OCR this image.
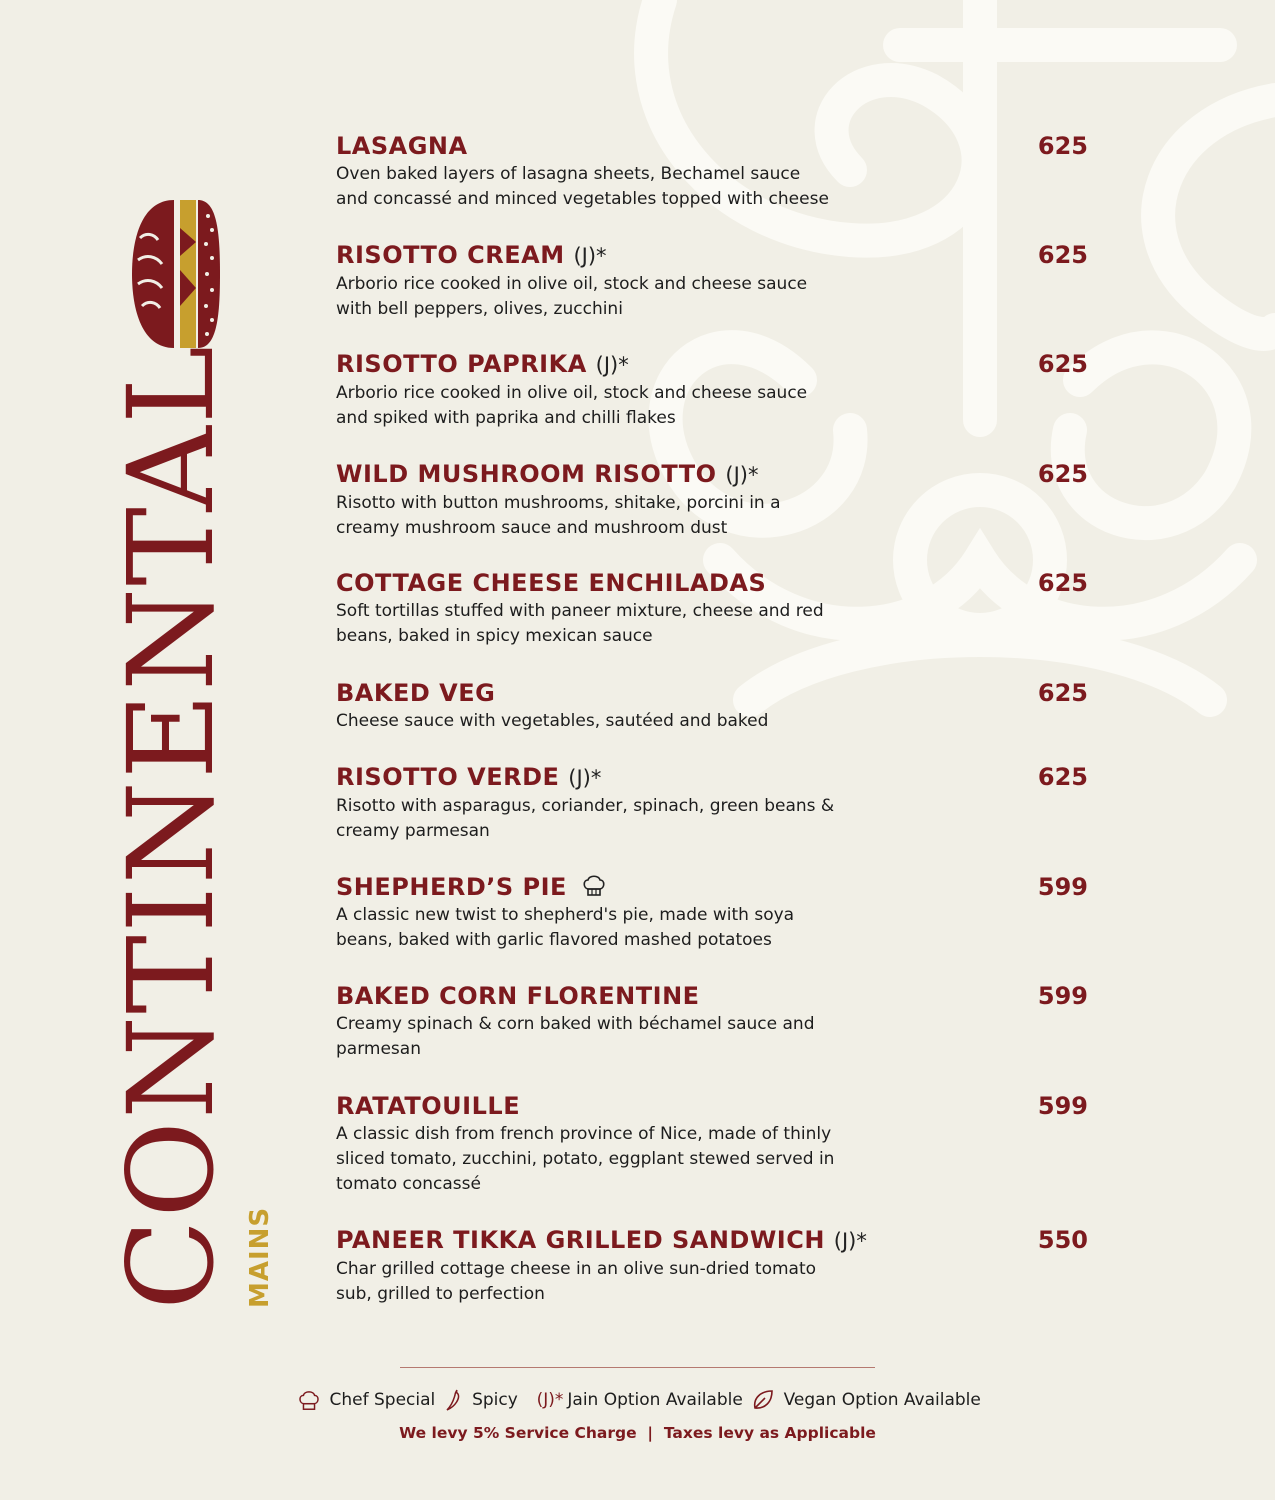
CONTINENTAL MAINS
LASAGNA
Oven baked layers of lasagna sheets, Bechamel sauce and concassé and minced vegetables topped with cheese
625
RISOTTO CREAM (J)*
Arborio rice cooked in olive oil, stock and cheese sauce with bell peppers, olives, zucchini
625
RISOTTO PAPRIKA (J)*
Arborio rice cooked in olive oil, stock and cheese sauce and spiked with paprika and chilli flakes
625
WILD MUSHROOM RISOTTO (J)*
Risotto with button mushrooms, shitake, porcini in a creamy mushroom sauce and mushroom dust
625
COTTAGE CHEESE ENCHILADAS
Soft tortillas stuffed with paneer mixture, cheese and red beans, baked in spicy mexican sauce
625
BAKED VEG
Cheese sauce with vegetables, sautéed and baked
625
RISOTTO VERDE (J)*
Risotto with asparagus, coriander, spinach, green beans & creamy parmesan
625
SHEPHERD’S PIE
A classic new twist to shepherd's pie, made with soya beans, baked with garlic flavored mashed potatoes
599
BAKED CORN FLORENTINE
Creamy spinach & corn baked with béchamel sauce and parmesan
599
RATATOUILLE
A classic dish from french province of Nice, made of thinly sliced tomato, zucchini, potato, eggplant stewed served in tomato concassé
599
PANEER TIKKA GRILLED SANDWICH (J)*
Char grilled cottage cheese in an olive sun-dried tomato sub, grilled to perfection
550
Chef Special Spicy (J)* Jain Option Available Vegan Option Available
We levy 5% Service Charge  |  Taxes levy as Applicable
